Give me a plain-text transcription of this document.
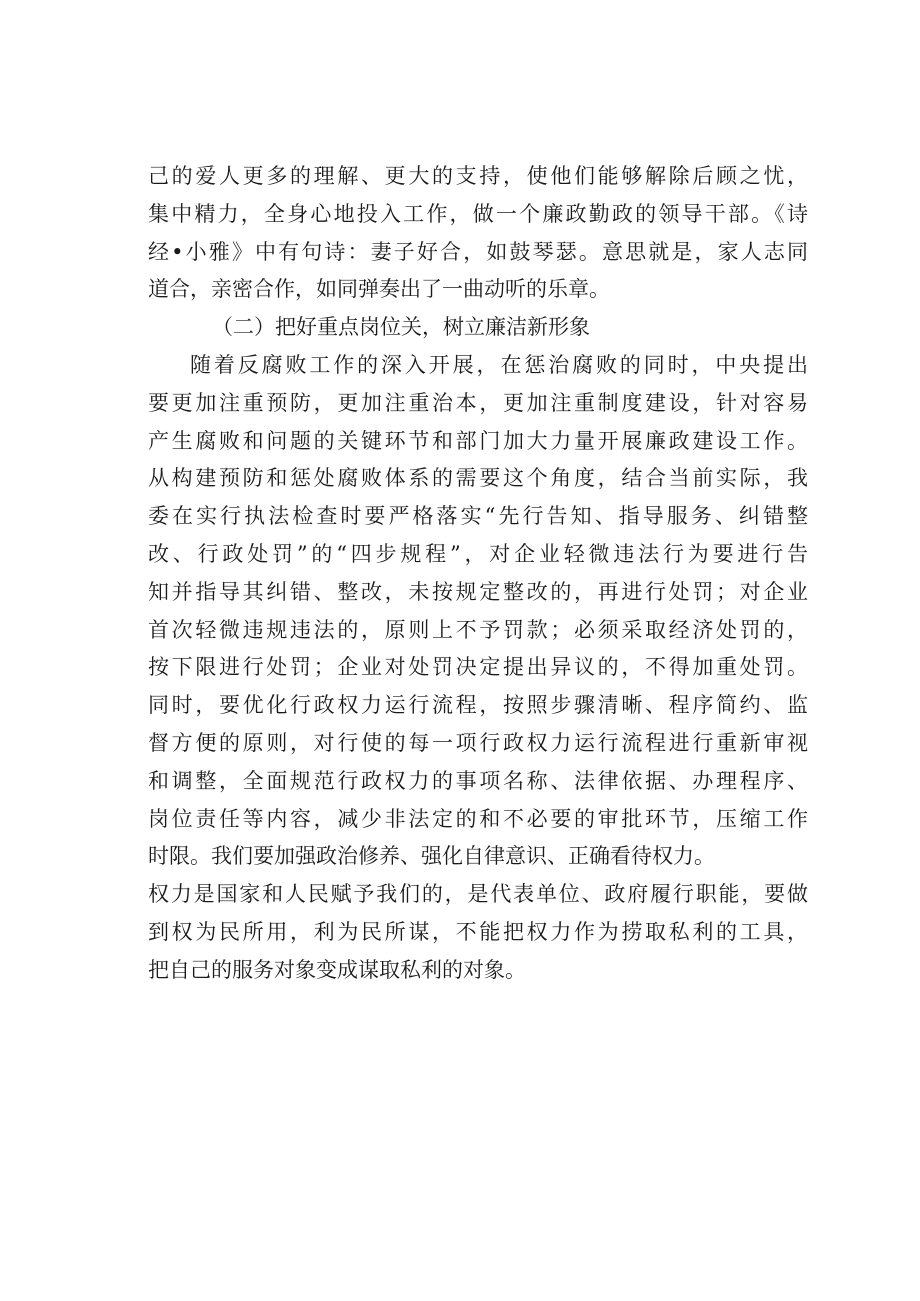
己的爱人更多的理解、更大的支持，使他们能够解除后顾之忧，
集中精力，全身心地投入工作，做一个廉政勤政的领导干部。《诗
经•小雅》中有句诗：妻子好合，如鼓琴瑟。意思就是，家人志同
道合，亲密合作，如同弹奏出了一曲动听的乐章。
（二）把好重点岗位关，树立廉洁新形象
随着反腐败工作的深入开展，在惩治腐败的同时，中央提出
要更加注重预防，更加注重治本，更加注重制度建设，针对容易
产生腐败和问题的关键环节和部门加大力量开展廉政建设工作。
从构建预防和惩处腐败体系的需要这个角度，结合当前实际，我
委在实行执法检查时要严格落实“先行告知、指导服务、纠错整
改、行政处罚”的“四步规程”，对企业轻微违法行为要进行告
知并指导其纠错、整改，未按规定整改的，再进行处罚；对企业
首次轻微违规违法的，原则上不予罚款；必须采取经济处罚的，
按下限进行处罚；企业对处罚决定提出异议的，不得加重处罚。
同时，要优化行政权力运行流程，按照步骤清晰、程序简约、监
督方便的原则，对行使的每一项行政权力运行流程进行重新审视
和调整，全面规范行政权力的事项名称、法律依据、办理程序、
岗位责任等内容，减少非法定的和不必要的审批环节，压缩工作
时限。我们要加强政治修养、强化自律意识、正确看待权力。
权力是国家和人民赋予我们的，是代表单位、政府履行职能，要做
到权为民所用，利为民所谋，不能把权力作为捞取私利的工具，
把自己的服务对象变成谋取私利的对象。
